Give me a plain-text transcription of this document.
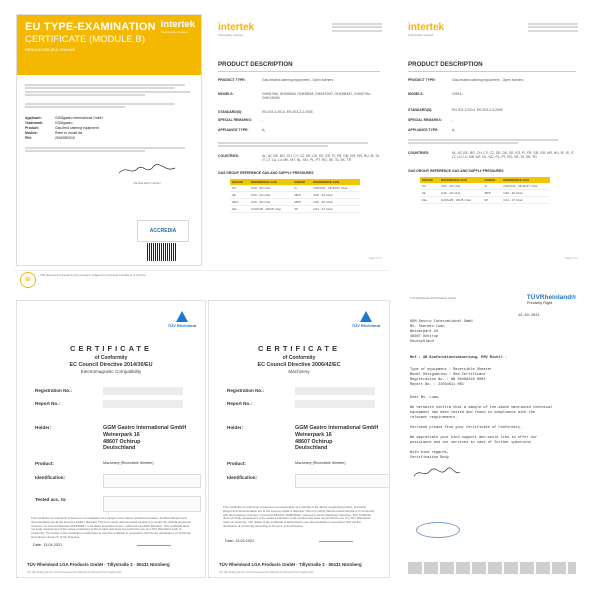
EU TYPE-EXAMINATION
CERTIFICATE (MODULE B)
REGULATION (EU) 2016/426
intertek
Total Quality. Assured.
Applicant:	GGMgastro International GmbH
Trademark:	GGMgastro
Product:	Gas-fired catering equipment
Models:	Refer to model list
PIN:	2531BR0019
Michela Albini Gardini
ACCREDIA
intertek
Total Quality. Assured.
PRODUCT DESCRIPTION
PRODUCT TYPE:	Gas-heated catering equipment - Open burners
MODELS:	GHK870M, GHK880M, GHK890M, GHK870MT, GHK880MT, GHK870M, GHK1300M
STANDARD(S):	EN 203-1:2014, EN 203-2-3:2005
SPECIAL REMARKS:	-
APPLIANCE TYPE:	A₁
COUNTRIES:	AL, AT, BE, BG, CH, CY, CZ, DE, DK, EE, ES, FI, FR, GB, GR, HR, HU, IE, IS, IT, LT, LU, LV, MK, MT, NL, NO, PL, PT, RO, SE, SI, SK, TR
GAS GROUP, REFERENCE GAS AND SUPPLY PRESSURES
GROUP	REFERENCE GAS	GROUP	REFERENCE GAS
2H	G20 - 20 mbar	3+	G30/G31 - 28-30/37 mbar
2E	G20 - 20 mbar	3B/P	G30 - 30 mbar
2ELL	G20 - 20 mbar	3B/P	G30 - 50 mbar
2E+	G20/G25 - 20/25 mbar	3P	G31 - 37 mbar
Page 2 of 3
intertek
Total Quality. Assured.
PRODUCT DESCRIPTION
PRODUCT TYPE:	Gas-heated catering equipment - Open burners
MODELS:	GHK3...
STANDARD(S):	EN 203-1:2014, EN 203-2-3:2005
SPECIAL REMARKS:	-
APPLIANCE TYPE:	A₁
COUNTRIES:	AL, AT, BE, BG, CH, CY, CZ, DE, DK, EE, ES, FI, FR, GB, GR, HR, HU, IE, IS, IT, LT, LU, LV, MK, MT, NL, NO, PL, PT, RO, SE, SI, SK, TR
GAS GROUP, REFERENCE GAS AND SUPPLY PRESSURES
GROUP	REFERENCE GAS	GROUP	REFERENCE GAS
2H	G20 - 20 mbar	3+	G30/G31 - 28-30/37 mbar
2E	G20 - 20 mbar	3B/P	G30 - 30 mbar
2E+	G20/G25 - 20/25 mbar	3P	G31 - 37 mbar
Page 3 of 3
in
This document is issued by the Company subject to its General Conditions of Service.
TÜV Rheinland
CERTIFICATE
of Conformity
EC Council Directive 2014/30/EU
Electromagnetic Compatibility
Registration No.:
Report No.:
Holder:	GGM Gastro International GmbH
Weinerpark 16
48607 Ochtrup
Deutschland
Product:	Machinery (Reversible Sheeter)
Identification:
Tested acc. to:
This certificate of conformity is based on an evaluation of a sample of the above mentioned product. Technical Report and documentation are at the Licence Holder's disposal. This is to certify that the tested sample is in conformity with all provisions of Annex I of Council Directive 2014/30/EU, in its latest amended version, referred to as EMC Directive. This certificate does not imply assessment of the series-production of the product and does not permit the use of a TÜV Rheinland mark of conformity. The holder of the certificate is authorised to use this certificate in connection with the EC declaration of conformity according to Annex IV of the Directive.
Date: 13.04.2021
TÜV Rheinland LGA Products GmbH · Tillystraße 2 · 90431 Nürnberg
The CE marking may be used if all relevant and effective EC Directives are complied with.
TÜV Rheinland
CERTIFICATE
of Conformity
EC Council Directive 2006/42/EC
Machinery
Registration No.:
Report No.:
Holder:	GGM Gastro International GmbH
Weinerpark 16
48607 Ochtrup
Deutschland
Product:	Machinery (Reversible Sheeter)
Identification:
This certificate of conformity is based on an examination of a sample of the above mentioned product. Technical Report and documentation are at the Licence Holder's disposal. This is to certify that the tested sample is in conformity with all provisions of Annex I of Council Directive 2006/42/EC, referred to as the Machinery Directive. This certificate does not imply assessment of the series-production of the product and does not permit the use of a TÜV Rheinland mark of conformity. The holder of the certificate is authorised to use this certificate in connection with the EC declaration of conformity according to Annex II of the Directive.
Date: 13.04.2021
TÜV Rheinland LGA Products GmbH · Tillystraße 2 · 90431 Nürnberg
The CE marking may be used if all relevant and effective EC Directives are complied with.
TÜV Rheinland LGA Products GmbH	TÜVRheinland®
Precisely Right.
13.04.2021
GGM Gastro International GmbH
Ms. Shereen Luan
Weinerpark 16
48607 Ochtrup
Deutschland
Ref.: AB Konformitaetsbewertung, EMV Richtl.:
Type of equipment : Reversible Sheeter
Model Designation : See Certificate
Registration No. : AN 50468218 0002
Report No. : 21034611 001
Dear Ms. Luan,
We herewith confirm that a sample of the above mentioned technical
equipment has been tested and found in compliance with the
relevant requirements.
Enclosed please find your Certificate of Conformity.
We appreciate your kind support and would like to offer our
assistance and our services in case of further questions.
With kind regards,
Certification Body
